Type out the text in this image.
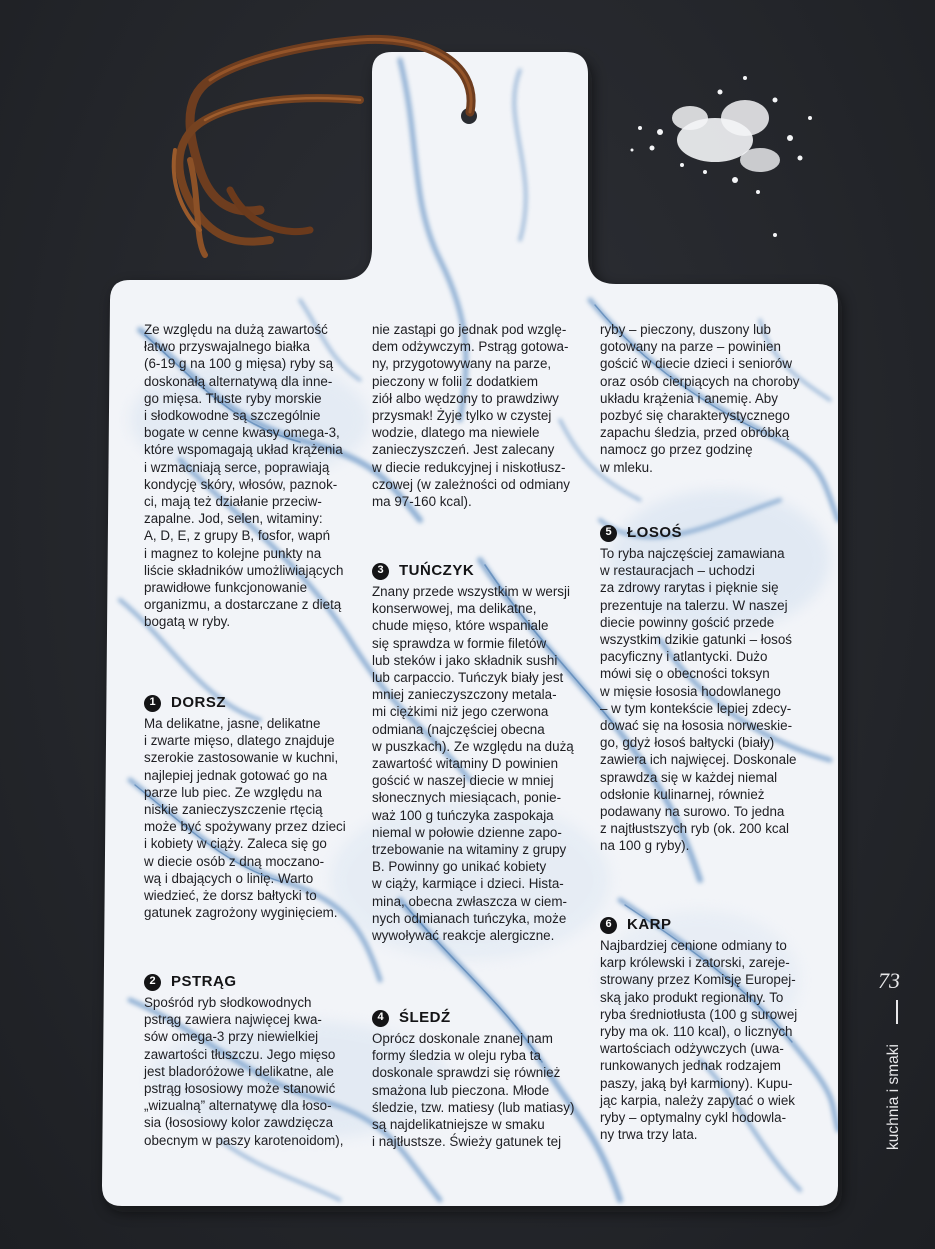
Ze względu na dużą zawartość
łatwo przyswajalnego białka
(6-19 g na 100 g mięsa) ryby są
doskonałą alternatywą dla inne-
go mięsa. Tłuste ryby morskie
i słodkowodne są szczególnie
bogate w cenne kwasy omega-3,
które wspomagają układ krążenia
i wzmacniają serce, poprawiają
kondycję skóry, włosów, paznok-
ci, mają też działanie przeciw-
zapalne. Jod, selen, witaminy:
A, D, E, z grupy B, fosfor, wapń
i magnez to kolejne punkty na
liście składników umożliwiających
prawidłowe funkcjonowanie
organizmu, a dostarczane z dietą
bogatą w ryby.

1	DORSZ

Ma delikatne, jasne, delikatne
i zwarte mięso, dlatego znajduje
szerokie zastosowanie w kuchni,
najlepiej jednak gotować go na
parze lub piec. Ze względu na
niskie zanieczyszczenie rtęcią
może być spożywany przez dzieci
i kobiety w ciąży. Zaleca się go
w diecie osób z dną moczano-
wą i dbających o linię. Warto
wiedzieć, że dorsz bałtycki to
gatunek zagrożony wyginięciem.

2	PSTRĄG

Spośród ryb słodkowodnych
pstrąg zawiera najwięcej kwa-
sów omega-3 przy niewielkiej
zawartości tłuszczu. Jego mięso
jest bladoróżowe i delikatne, ale
pstrąg łososiowy może stanowić
„wizualną” alternatywę dla łoso-
sia (łososiowy kolor zawdzięcza
obecnym w paszy karotenoidom),

nie zastąpi go jednak pod wzglę-
dem odżywczym. Pstrąg gotowa-
ny, przygotowywany na parze,
pieczony w folii z dodatkiem
ziół albo wędzony to prawdziwy
przysmak! Żyje tylko w czystej
wodzie, dlatego ma niewiele
zanieczyszczeń. Jest zalecany
w diecie redukcyjnej i niskotłusz-
czowej (w zależności od odmiany
ma 97-160 kcal).

3	TUŃCZYK

Znany przede wszystkim w wersji
konserwowej, ma delikatne,
chude mięso, które wspaniale
się sprawdza w formie filetów
lub steków i jako składnik sushi
lub carpaccio. Tuńczyk biały jest
mniej zanieczyszczony metala-
mi ciężkimi niż jego czerwona
odmiana (najczęściej obecna
w puszkach). Ze względu na dużą
zawartość witaminy D powinien
gościć w naszej diecie w mniej
słonecznych miesiącach, ponie-
waż 100 g tuńczyka zaspokaja
niemal w połowie dzienne zapo-
trzebowanie na witaminy z grupy
B. Powinny go unikać kobiety
w ciąży, karmiące i dzieci. Hista-
mina, obecna zwłaszcza w ciem-
nych odmianach tuńczyka, może
wywoływać reakcje alergiczne.

4	ŚLEDŹ

Oprócz doskonale znanej nam
formy śledzia w oleju ryba ta
doskonale sprawdzi się również
smażona lub pieczona. Młode
śledzie, tzw. matiesy (lub matiasy)
są najdelikatniejsze w smaku
i najtłustsze. Świeży gatunek tej

ryby – pieczony, duszony lub
gotowany na parze – powinien
gościć w diecie dzieci i seniorów
oraz osób cierpiących na choroby
układu krążenia i anemię. Aby
pozbyć się charakterystycznego
zapachu śledzia, przed obróbką
namocz go przez godzinę
w mleku.

5	ŁOSOŚ

To ryba najczęściej zamawiana
w restauracjach – uchodzi
za zdrowy rarytas i pięknie się
prezentuje na talerzu. W naszej
diecie powinny gościć przede
wszystkim dzikie gatunki – łosoś
pacyficzny i atlantycki. Dużo
mówi się o obecności toksyn
w mięsie łososia hodowlanego
– w tym kontekście lepiej zdecy-
dować się na łososia norweskie-
go, gdyż łosoś bałtycki (biały)
zawiera ich najwięcej. Doskonale
sprawdza się w każdej niemal
odsłonie kulinarnej, również
podawany na surowo. To jedna
z najtłustszych ryb (ok. 200 kcal
na 100 g ryby).

6	KARP

Najbardziej cenione odmiany to
karp królewski i zatorski, zareje-
strowany przez Komisję Europej-
ską jako produkt regionalny. To
ryba średniotłusta (100 g surowej
ryby ma ok. 110 kcal), o licznych
wartościach odżywczych (uwa-
runkowanych jednak rodzajem
paszy, jaką był karmiony). Kupu-
jąc karpia, należy zapytać o wiek
ryby – optymalny cykl hodowla-
ny trwa trzy lata.

73
kuchnia i smaki
